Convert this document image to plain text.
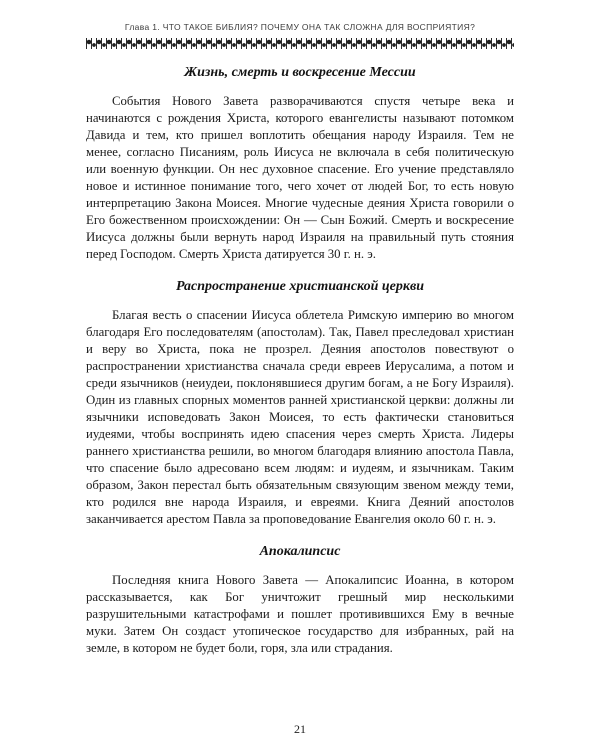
Глава 1. ЧТО ТАКОЕ БИБЛИЯ? ПОЧЕМУ ОНА ТАК СЛОЖНА ДЛЯ ВОСПРИЯТИЯ?
Жизнь, смерть и воскресение Мессии

События Нового Завета разворачиваются спустя четыре века и начинаются с рождения Христа, которого евангелисты называют потомком Давида и тем, кто пришел воплотить обещания народу Израиля. Тем не менее, согласно Писаниям, роль Иисуса не включала в себя политическую или военную функции. Он нес духовное спасение. Его учение представляло новое и истинное понимание того, чего хочет от людей Бог, то есть новую интерпретацию Закона Моисея. Многие чудесные деяния Христа говорили о Его божественном происхождении: Он — Сын Божий. Смерть и воскресение Иисуса должны были вернуть народ Израиля на правильный путь стояния перед Господом. Смерть Христа датируется 30 г. н. э.

Распространение христианской церкви

Благая весть о спасении Иисуса облетела Римскую империю во многом благодаря Его последователям (апостолам). Так, Павел преследовал христиан и веру во Христа, пока не прозрел. Деяния апостолов повествуют о распространении христианства сначала среди евреев Иерусалима, а потом и среди язычников (неиудеи, поклонявшиеся другим богам, а не Богу Израиля). Один из главных спорных моментов ранней христианской церкви: должны ли язычники исповедовать Закон Моисея, то есть фактически становиться иудеями, чтобы воспринять идею спасения через смерть Христа. Лидеры раннего христианства решили, во многом благодаря влиянию апостола Павла, что спасение было адресовано всем людям: и иудеям, и язычникам. Таким образом, Закон перестал быть обязательным связующим звеном между теми, кто родился вне народа Израиля, и евреями. Книга Деяний апостолов заканчивается арестом Павла за проповедование Евангелия около 60 г. н. э.

Апокалипсис

Последняя книга Нового Завета — Апокалипсис Иоанна, в котором рассказывается, как Бог уничтожит грешный мир несколькими разрушительными катастрофами и пошлет противившихся Ему в вечные муки. Затем Он создаст утопическое государство для избранных, рай на земле, в котором не будет боли, горя, зла или страдания.

21
